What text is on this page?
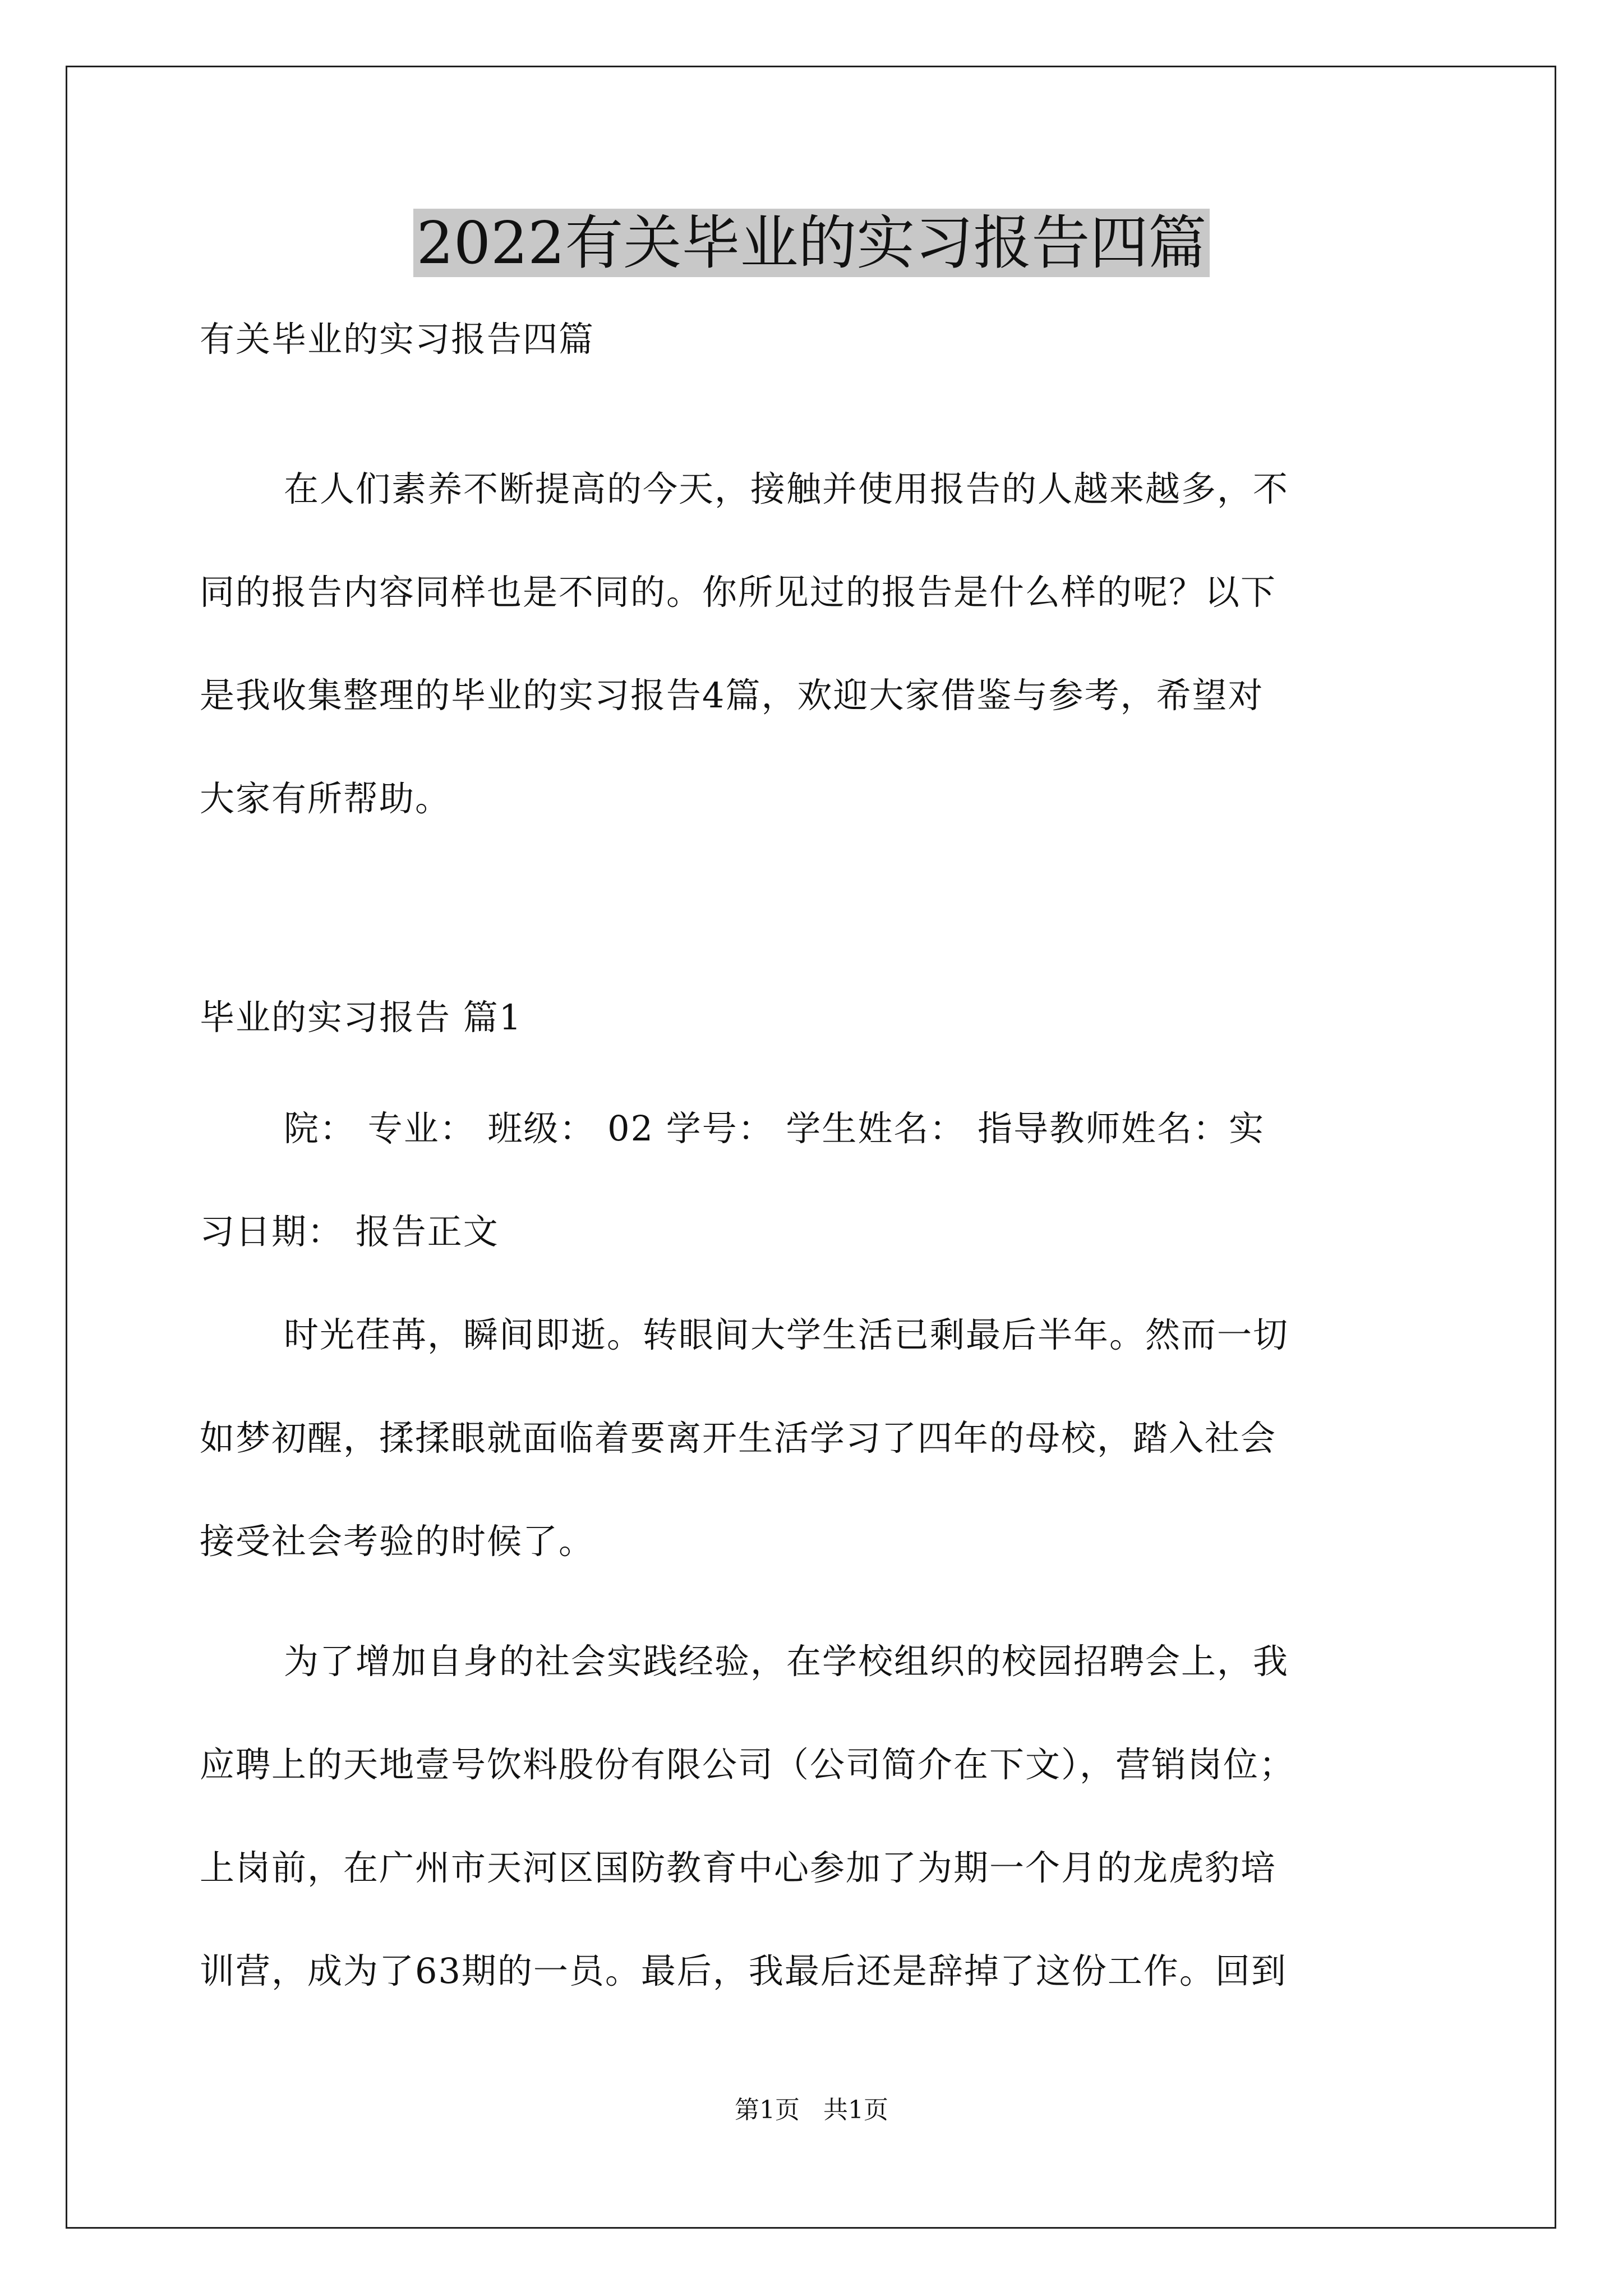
2022有关毕业的实习报告四篇
有关毕业的实习报告四篇
在人们素养不断提高的今天，接触并使用报告的人越来越多，不
同的报告内容同样也是不同的。你所见过的报告是什么样的呢？以下
是我收集整理的毕业的实习报告4篇，欢迎大家借鉴与参考，希望对
大家有所帮助。
毕业的实习报告 篇1
院： 专业： 班级： 02 学号： 学生姓名： 指导教师姓名：实
习日期： 报告正文
时光荏苒，瞬间即逝。转眼间大学生活已剩最后半年。然而一切
如梦初醒，揉揉眼就面临着要离开生活学习了四年的母校，踏入社会
接受社会考验的时候了。
为了增加自身的社会实践经验，在学校组织的校园招聘会上，我
应聘上的天地壹号饮料股份有限公司（公司简介在下文），营销岗位；
上岗前，在广州市天河区国防教育中心参加了为期一个月的龙虎豹培
训营，成为了63期的一员。最后，我最后还是辞掉了这份工作。回到
第1页   共1页
